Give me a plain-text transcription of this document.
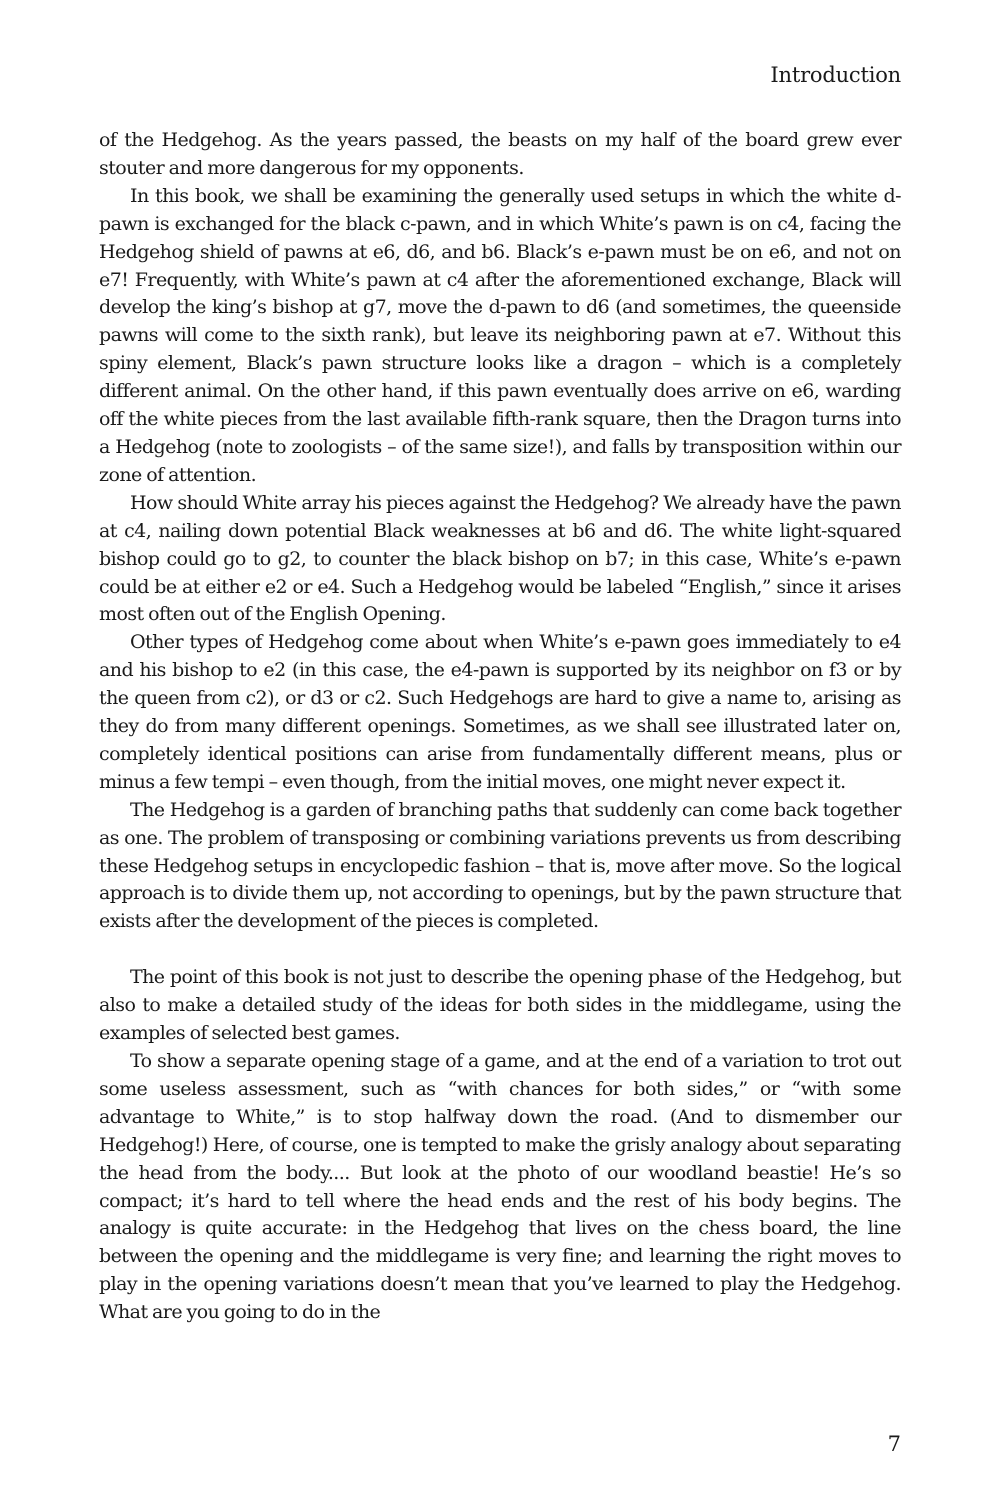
Introduction

of the Hedgehog. As the years passed, the beasts on my half of the board grew ever stouter and more dangerous for my opponents.

In this book, we shall be examining the generally used setups in which the white d-pawn is exchanged for the black c-pawn, and in which White’s pawn is on c4, facing the Hedgehog shield of pawns at e6, d6, and b6. Black’s e-pawn must be on e6, and not on e7! Frequently, with White’s pawn at c4 after the aforementioned exchange, Black will develop the king’s bishop at g7, move the d-pawn to d6 (and sometimes, the queenside pawns will come to the sixth rank), but leave its neighboring pawn at e7. Without this spiny element, Black’s pawn structure looks like a dragon – which is a completely different animal. On the other hand, if this pawn eventually does arrive on e6, warding off the white pieces from the last available fifth-rank square, then the Dragon turns into a Hedgehog (note to zoologists – of the same size!), and falls by transposition within our zone of attention.

How should White array his pieces against the Hedgehog? We already have the pawn at c4, nailing down potential Black weaknesses at b6 and d6. The white light-squared bishop could go to g2, to counter the black bishop on b7; in this case, White’s e-pawn could be at either e2 or e4. Such a Hedgehog would be labeled “English,” since it arises most often out of the English Opening.

Other types of Hedgehog come about when White’s e-pawn goes immediately to e4 and his bishop to e2 (in this case, the e4-pawn is supported by its neighbor on f3 or by the queen from c2), or d3 or c2. Such Hedgehogs are hard to give a name to, arising as they do from many different openings. Sometimes, as we shall see illustrated later on, completely identical positions can arise from fundamentally different means, plus or minus a few tempi – even though, from the initial moves, one might never expect it.

The Hedgehog is a garden of branching paths that suddenly can come back together as one. The problem of transposing or combining variations prevents us from describing these Hedgehog setups in encyclopedic fashion – that is, move after move. So the logical approach is to divide them up, not according to openings, but by the pawn structure that exists after the development of the pieces is completed.

The point of this book is not just to describe the opening phase of the Hedgehog, but also to make a detailed study of the ideas for both sides in the middlegame, using the examples of selected best games.

To show a separate opening stage of a game, and at the end of a variation to trot out some useless assessment, such as “with chances for both sides,” or “with some advantage to White,” is to stop halfway down the road. (And to dismember our Hedgehog!) Here, of course, one is tempted to make the grisly analogy about separating the head from the body.... But look at the photo of our woodland beastie! He’s so compact; it’s hard to tell where the head ends and the rest of his body begins. The analogy is quite accurate: in the Hedgehog that lives on the chess board, the line between the opening and the middlegame is very fine; and learning the right moves to play in the opening variations doesn’t mean that you’ve learned to play the Hedgehog. What are you going to do in the

7
